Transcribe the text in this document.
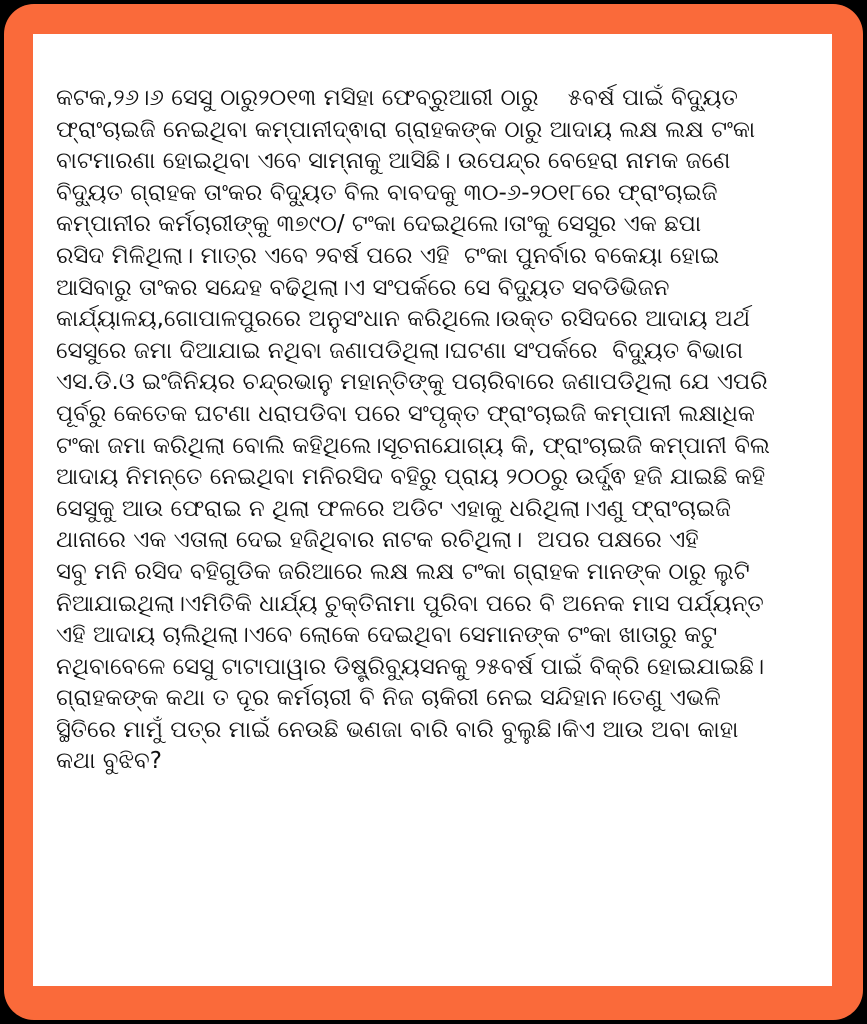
କଟକ,୨୬।୬ ସେସୁ ଠାରୁ୨୦୧୩ ମସିହା ଫେବ୍ରୁଆରୀ ଠାରୁ    ୫ବର୍ଷ ପାଇଁ ବିଦ୍ୟୁତ
ଫ୍ରାଂଚାଇଜି ନେଇଥିବା କମ୍ପାନୀଦ୍ଵାରା ଗ୍ରାହକଙ୍କ ଠାରୁ ଆଦାୟ ଲକ୍ଷ ଲକ୍ଷ ଟଂକା
ବାଟମାରଣା ହୋଇଥିବା ଏବେ ସାମ୍ନାକୁ ଆସିଛି। ଉପେନ୍ଦ୍ର ବେହେରା ନାମକ ଜଣେ
ବିଦ୍ୟୁତ ଗ୍ରାହକ ତାଂକର ବିଦ୍ୟୁତ ବିଲ ବାବଦକୁ ୩୦-୬-୨୦୧୮ରେ ଫ୍ରାଂଚାଇଜି
କମ୍ପାନୀର କର୍ମଚାରୀଙ୍କୁ ୩୭୯୦/ ଟଂକା ଦେଇଥିଲେ।ତାଂକୁ ସେସୁର ଏକ ଛପା
ରସିଦ ମିଳିଥିଲା। ମାତ୍ର ଏବେ ୨ବର୍ଷ ପରେ ଏହି  ଟଂକା ପୁନର୍ବାର ବକେୟା ହୋଇ
ଆସିବାରୁ ତାଂକର ସନ୍ଦେହ ବଢିଥିଲା।ଏ ସଂପର୍କରେ ସେ ବିଦ୍ୟୁତ ସବଡିଭିଜନ
କାର୍ଯ୍ୟାଳୟ,ଗୋପାଳପୁରରେ ଅନୁସଂଧାନ କରିଥିଲେ।ଉକ୍ତ ରସିଦରେ ଆଦାୟ ଅର୍ଥ
ସେସୁରେ ଜମା ଦିଆଯାଇ ନଥିବା ଜଣାପଡିଥିଲା।ଘଟଣା ସଂପର୍କରେ  ବିଦ୍ୟୁତ ବିଭାଗ
ଏସ.ଡି.ଓ ଇଂଜିନିୟର ଚନ୍ଦ୍ରଭାନୁ ମହାନ୍ତିଙ୍କୁ ପଚାରିବାରେ ଜଣାପଡିଥିଲା ଯେ ଏପରି
ପୂର୍ବରୁ କେତେକ ଘଟଣା ଧରାପଡିବା ପରେ ସଂପୃକ୍ତ ଫ୍ରାଂଚାଇଜି କମ୍ପାନୀ ଲକ୍ଷାଧିକ
ଟଂକା ଜମା କରିଥିଲା ବୋଲି କହିଥିଲେ।ସୂଚନାଯୋଗ୍ୟ କି, ଫ୍ରାଂଚାଇଜି କମ୍ପାନୀ ବିଲ
ଆଦାୟ ନିମନ୍ତେ ନେଇଥିବା ମନିରସିଦ ବହିରୁ ପ୍ରାୟ ୨୦୦ରୁ ଉର୍ଦ୍ଧ୍ଵ ହଜି ଯାଇଛି କହି
ସେସୁକୁ ଆଉ ଫେରାଇ ନ ଥିଲା ଫଳରେ ଅଡିଟ ଏହାକୁ ଧରିଥିଲା।ଏଣୁ ଫ୍ରାଂଚାଇଜି
ଥାନାରେ ଏକ ଏତାଲା ଦେଇ ହଜିଥିବାର ନାଟକ ରଚିଥିଲା।  ଅପର ପକ୍ଷରେ ଏହି
ସବୁ ମନି ରସିଦ ବହିଗୁଡିକ ଜରିଆରେ ଲକ୍ଷ ଲକ୍ଷ ଟଂକା ଗ୍ରାହକ ମାନଙ୍କ ଠାରୁ ଲୁଟି
ନିଆଯାଇଥିଲା।ଏମିତିକି ଧାର୍ଯ୍ୟ ଚୁକ୍ତିନାମା ପୁରିବା ପରେ ବି ଅନେକ ମାସ ପର୍ଯ୍ୟନ୍ତ
ଏହି ଆଦାୟ ଚାଲିଥିଲା।ଏବେ ଲୋକେ ଦେଇଥିବା ସେମାନଙ୍କ ଟଂକା ଖାତାରୁ କଟୁ
ନଥିବାବେଳେ ସେସୁ ଟାଟାପାୱାର ଡିଷ୍ଟ୍ରିବ୍ୟୁସନକୁ ୨୫ବର୍ଷ ପାଇଁ ବିକ୍ରି ହୋଇଯାଇଛି।
ଗ୍ରାହକଙ୍କ କଥା ତ ଦୂର କର୍ମଚାରୀ ବି ନିଜ ଚାକିରୀ ନେଇ ସନ୍ଦିହାନ।ତେଣୁ ଏଭଳି
ସ୍ଥିତିରେ ମାମୁଁ ପତ୍ର ମାଇଁ ନେଉଛି ଭଣଜା ବାରି ବାରି ବୁଲୁଛି।କିଏ ଆଉ ଅବା କାହା
କଥା ବୁଝିବ?
